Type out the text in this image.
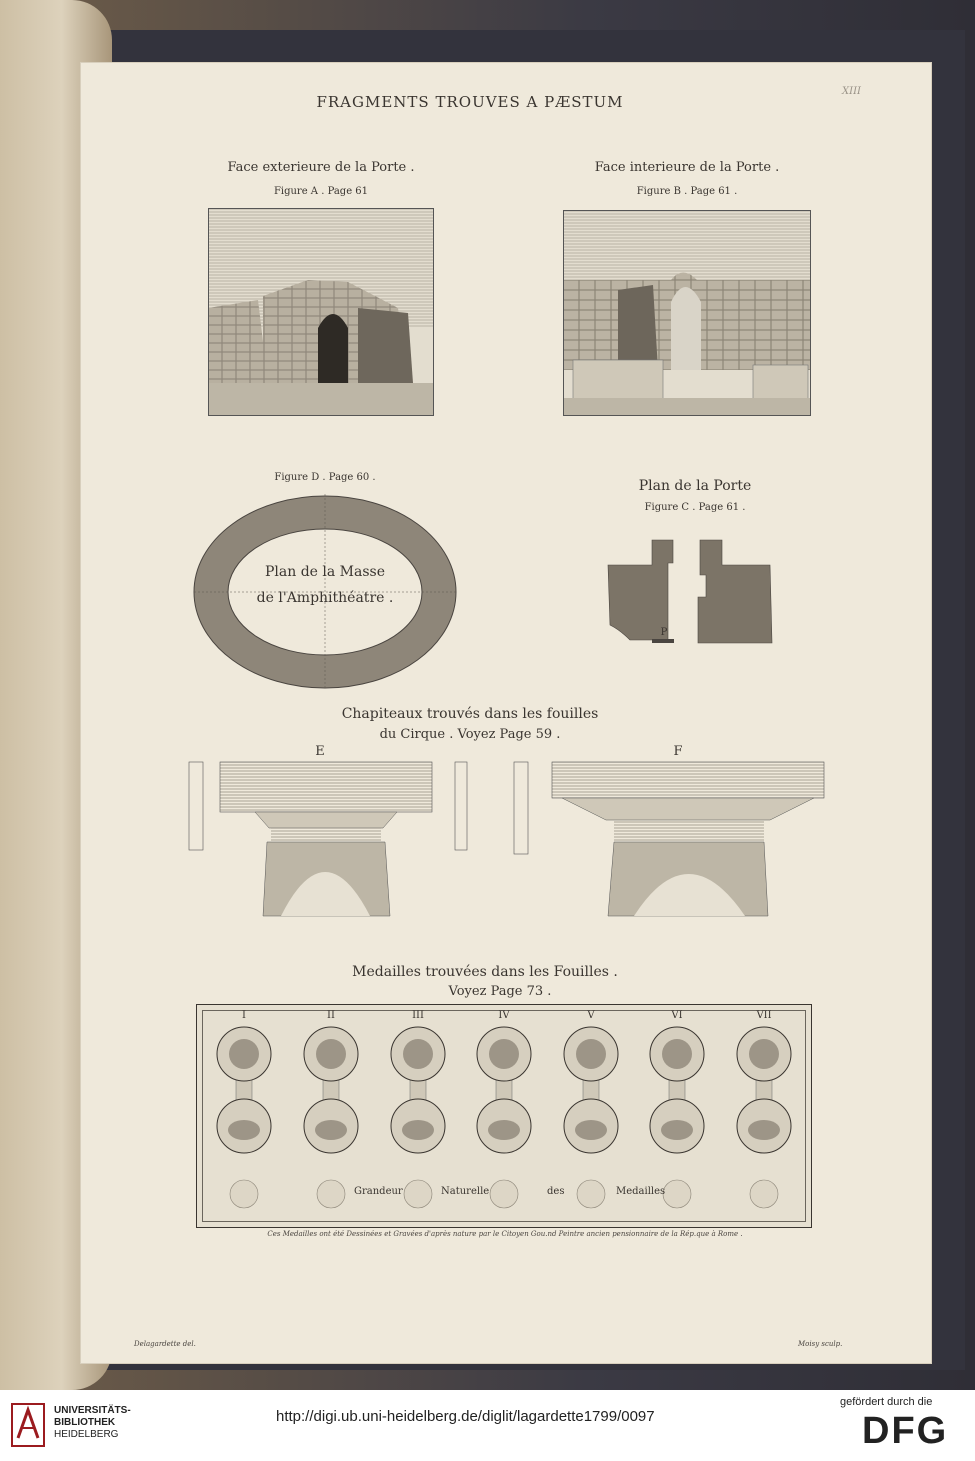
XIII
FRAGMENTS TROUVES A PÆSTUM
Face exterieure de la Porte .
Figure A . Page 61
Face interieure de la Porte .
Figure B . Page 61 .
Figure D . Page 60 .
Plan de la Masse
de l'Amphithéatre .
Plan de la Porte
Figure C . Page 61 .
P
Chapiteaux trouvés dans les fouilles
du Cirque . Voyez Page 59 .
E	F
Medailles trouvées dans les Fouilles .
Voyez Page 73 .
I	II	III	IV	V	VI	VII
Grandeur	Naturelle	des	Medailles
Ces Medailles ont été Dessinées et Gravées d'après nature par le Citoyen Gou.nd Peintre ancien pensionnaire de la Rép.que à Rome .
Delagardette del.	Moisy sculp.
UNIVERSITÄTS-
BIBLIOTHEK
HEIDELBERG
http://digi.ub.uni-heidelberg.de/diglit/lagardette1799/0097
gefördert durch die
DFG
